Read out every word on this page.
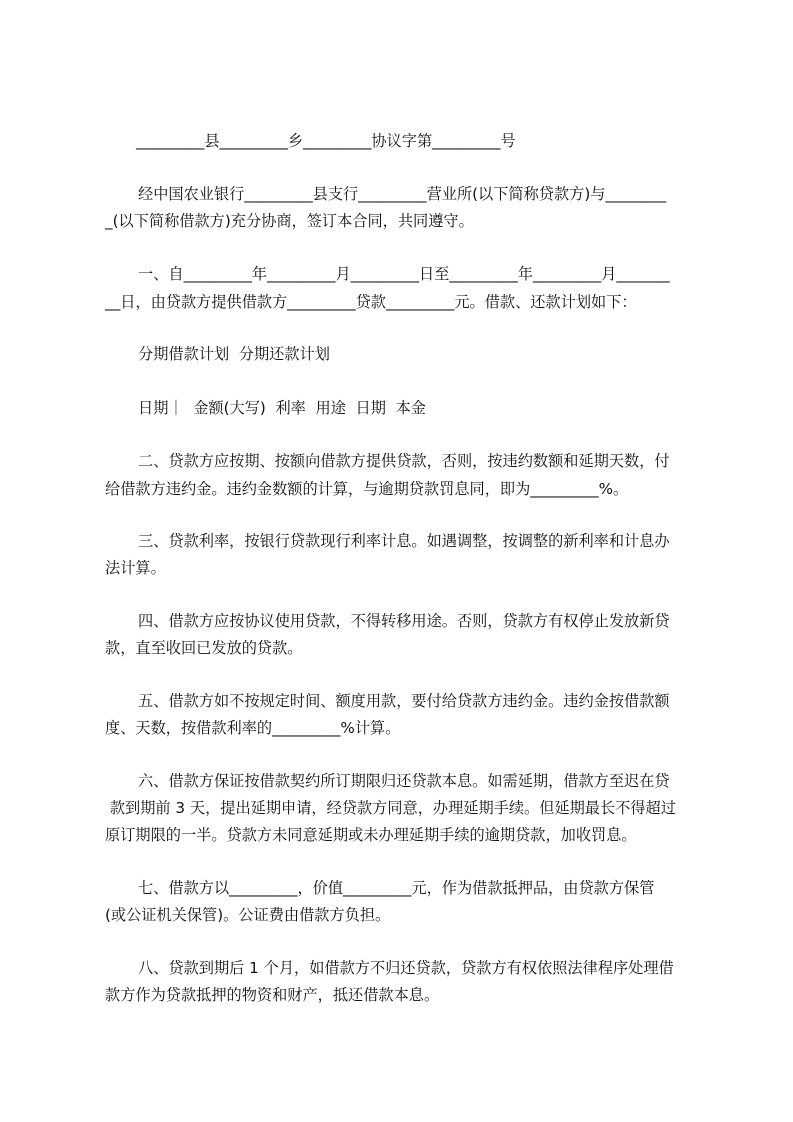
_________县_________乡_________协议字第_________号
经中国农业银行_________县支行_________营业所(以下简称贷款方)与________
_(以下简称借款方)充分协商，签订本合同，共同遵守。
一、自_________年_________月_________日至_________年_________月_______
__日，由贷款方提供借款方_________贷款_________元。借款、还款计划如下：
分期借款计划  分期还款计划
日期｜  金额(大写)  利率  用途  日期  本金
二、贷款方应按期、按额向借款方提供贷款，否则，按违约数额和延期天数，付
给借款方违约金。违约金数额的计算，与逾期贷款罚息同，即为_________%。
三、贷款利率，按银行贷款现行利率计息。如遇调整，按调整的新利率和计息办
法计算。
四、借款方应按协议使用贷款，不得转移用途。否则，贷款方有权停止发放新贷
款，直至收回已发放的贷款。
五、借款方如不按规定时间、额度用款，要付给贷款方违约金。违约金按借款额
度、天数，按借款利率的_________%计算。
六、借款方保证按借款契约所订期限归还贷款本息。如需延期，借款方至迟在贷
款到期前 3 天，提出延期申请，经贷款方同意，办理延期手续。但延期最长不得超过
原订期限的一半。贷款方未同意延期或未办理延期手续的逾期贷款，加收罚息。
七、借款方以_________，价值_________元，作为借款抵押品，由贷款方保管
(或公证机关保管)。公证费由借款方负担。
八、贷款到期后 1 个月，如借款方不归还贷款，贷款方有权依照法律程序处理借
款方作为贷款抵押的物资和财产，抵还借款本息。
